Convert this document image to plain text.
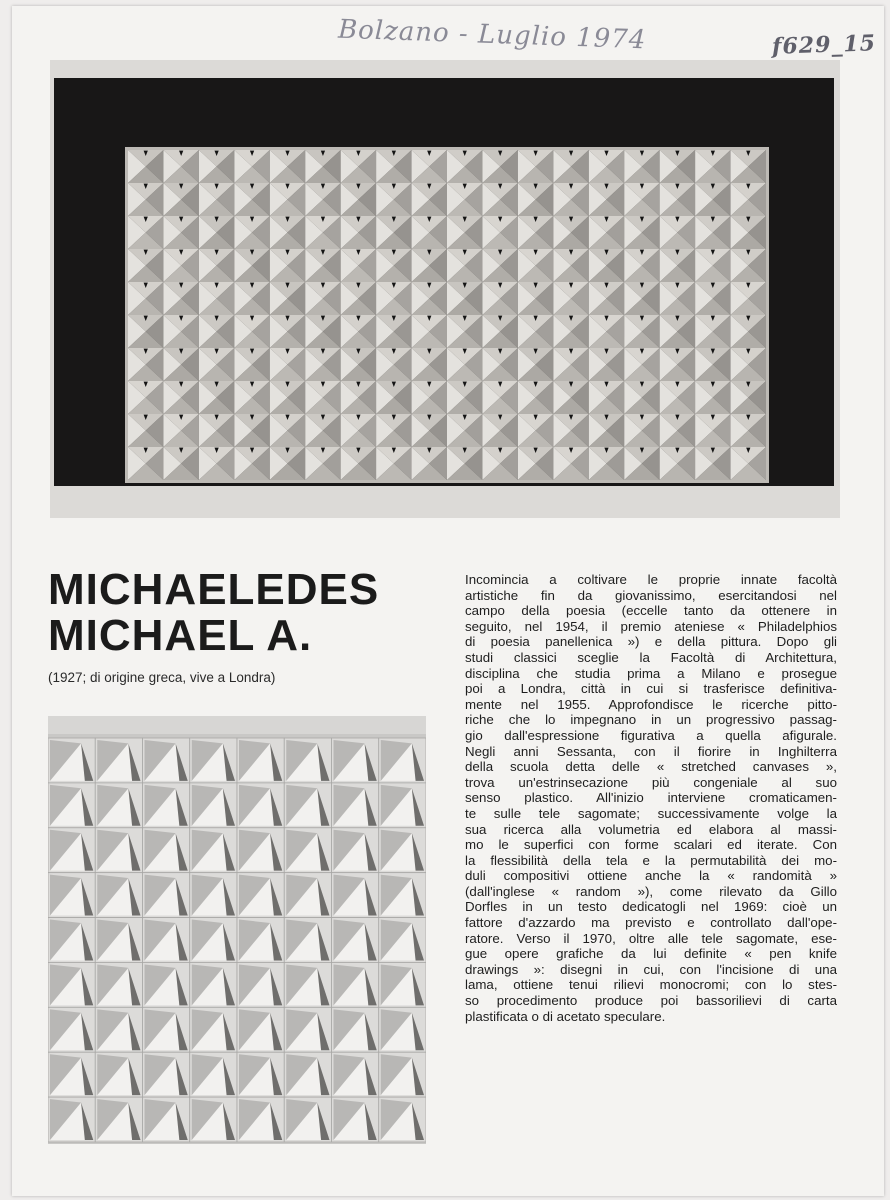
Bolzano - Luglio 1974	f629_15
MICHAELEDES
MICHAEL A.
(1927; di origine greca, vive a Londra)
Incomincia a coltivare le proprie innate facoltà
artistiche fin da giovanissimo, esercitandosi nel
campo della poesia (eccelle tanto da ottenere in
seguito, nel 1954, il premio ateniese « Philadelphios
di poesia panellenica ») e della pittura. Dopo gli
studi classici sceglie la Facoltà di Architettura,
disciplina che studia prima a Milano e prosegue
poi a Londra, città in cui si trasferisce definitiva-
mente nel 1955. Approfondisce le ricerche pitto-
riche che lo impegnano in un progressivo passag-
gio dall'espressione figurativa a quella afigurale.
Negli anni Sessanta, con il fiorire in Inghilterra
della scuola detta delle « stretched canvases »,
trova un'estrinsecazione più congeniale al suo
senso plastico. All'inizio interviene cromaticamen-
te sulle tele sagomate; successivamente volge la
sua ricerca alla volumetria ed elabora al massi-
mo le superfici con forme scalari ed iterate. Con
la flessibilità della tela e la permutabilità dei mo-
duli compositivi ottiene anche la « randomità »
(dall'inglese « random »), come rilevato da Gillo
Dorfles in un testo dedicatogli nel 1969: cioè un
fattore d'azzardo ma previsto e controllato dall'ope-
ratore. Verso il 1970, oltre alle tele sagomate, ese-
gue opere grafiche da lui definite « pen knife
drawings »: disegni in cui, con l'incisione di una
lama, ottiene tenui rilievi monocromi; con lo stes-
so procedimento produce poi bassorilievi di carta
plastificata o di acetato speculare.
